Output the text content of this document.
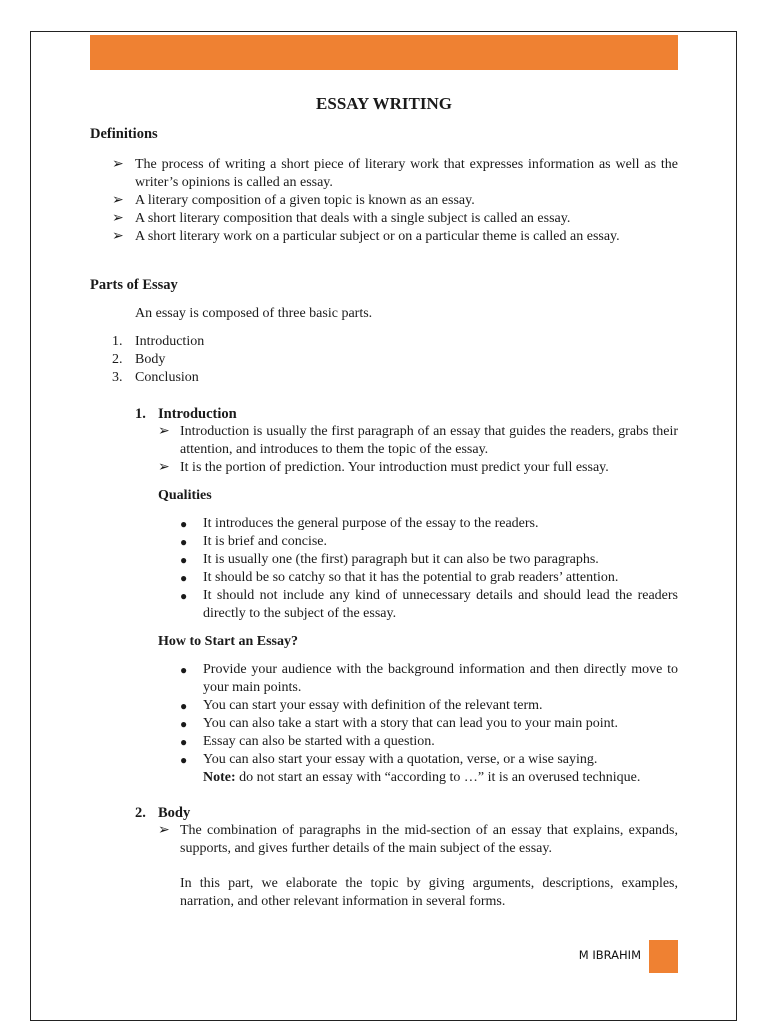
ESSAY WRITING
Definitions
➢ The process of writing a short piece of literary work that expresses information as well as the writer’s opinions is called an essay.
➢ A literary composition of a given topic is known as an essay.
➢ A short literary composition that deals with a single subject is called an essay.
➢ A short literary work on a particular subject or on a particular theme is called an essay.
Parts of Essay
An essay is composed of three basic parts.
1. Introduction
2. Body
3. Conclusion
1. Introduction
➢ Introduction is usually the first paragraph of an essay that guides the readers, grabs their attention, and introduces to them the topic of the essay.
➢ It is the portion of prediction. Your introduction must predict your full essay.
Qualities
● It introduces the general purpose of the essay to the readers.
● It is brief and concise.
● It is usually one (the first) paragraph but it can also be two paragraphs.
● It should be so catchy so that it has the potential to grab readers’ attention.
● It should not include any kind of unnecessary details and should lead the readers directly to the subject of the essay.
How to Start an Essay?
● Provide your audience with the background information and then directly move to your main points.
● You can start your essay with definition of the relevant term.
● You can also take a start with a story that can lead you to your main point.
● Essay can also be started with a question.
● You can also start your essay with a quotation, verse, or a wise saying.
Note: do not start an essay with “according to …” it is an overused technique.
2. Body
➢ The combination of paragraphs in the mid-section of an essay that explains, expands, supports, and gives further details of the main subject of the essay.
In this part, we elaborate the topic by giving arguments, descriptions, examples, narration, and other relevant information in several forms.
M IBRAHIM
